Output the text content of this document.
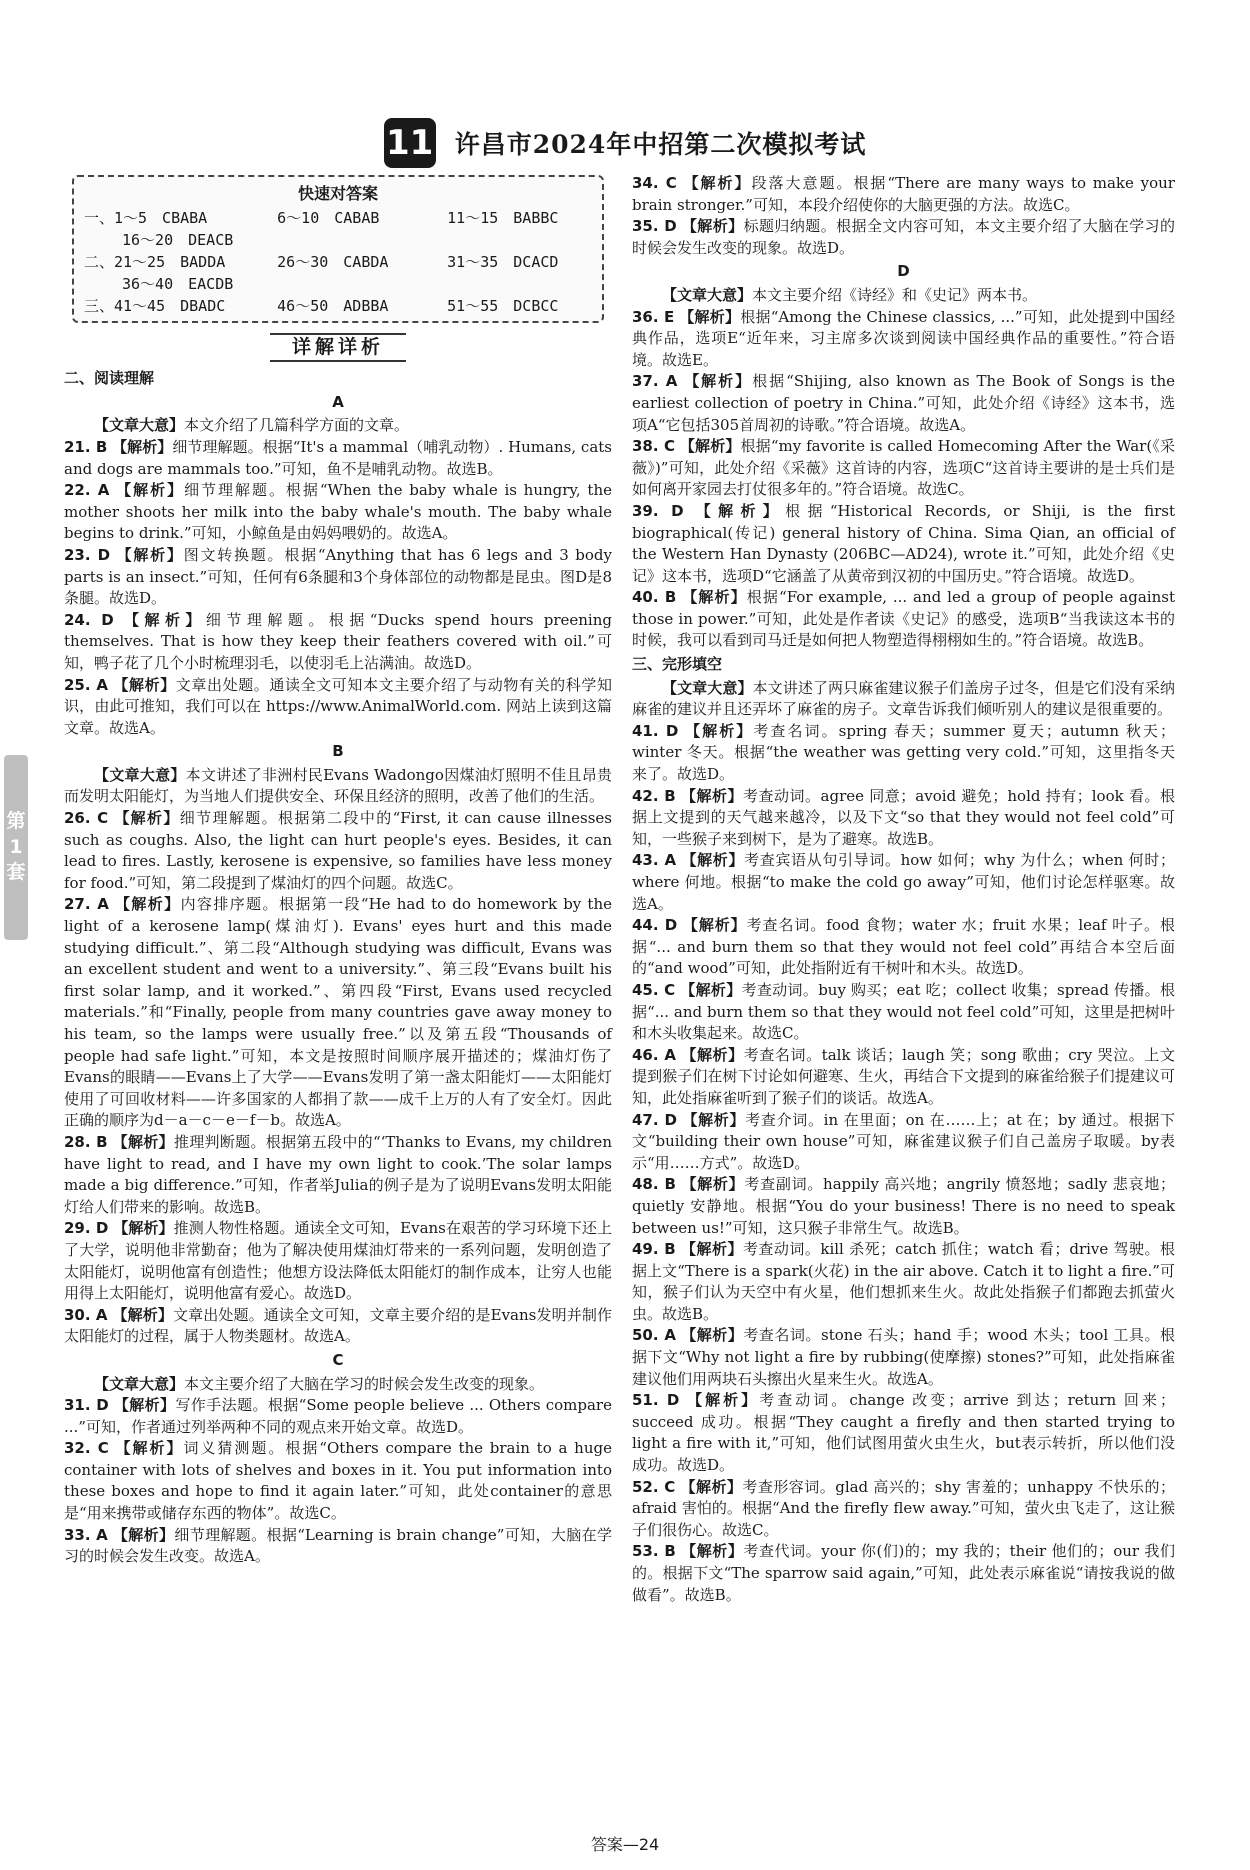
11 许昌市2024年中招第二次模拟考试
第
1
套
快速对答案
一、1～5　CBABA	6～10　CABAB	11～15　BABBC
16～20　DEACB
二、21～25　BADDA	26～30　CABDA	31～35　DCACD
36～40　EACDB
三、41～45　DBADC	46～50　ADBBA	51～55　DCBCC
详解详析
二、阅读理解
A

【文章大意】本文介绍了几篇科学方面的文章。

21. B 【解析】细节理解题。根据“It's a mammal（哺乳动物）. Humans, cats and dogs are mammals too.”可知，鱼不是哺乳动物。故选B。

22. A 【解析】细节理解题。根据“When the baby whale is hungry, the mother shoots her milk into the baby whale's mouth. The baby whale begins to drink.”可知，小鲸鱼是由妈妈喂奶的。故选A。

23. D 【解析】图文转换题。根据“Anything that has 6 legs and 3 body parts is an insect.”可知，任何有6条腿和3个身体部位的动物都是昆虫。图D是8条腿。故选D。

24. D 【解析】细节理解题。根据“Ducks spend hours preening themselves. That is how they keep their feathers covered with oil.”可知，鸭子花了几个小时梳理羽毛，以使羽毛上沾满油。故选D。

25. A 【解析】文章出处题。通读全文可知本文主要介绍了与动物有关的科学知识，由此可推知，我们可以在 https://www.AnimalWorld.com. 网站上读到这篇文章。故选A。

B

【文章大意】本文讲述了非洲村民Evans Wadongo因煤油灯照明不佳且昂贵而发明太阳能灯，为当地人们提供安全、环保且经济的照明，改善了他们的生活。

26. C 【解析】细节理解题。根据第二段中的“First, it can cause illnesses such as coughs. Also, the light can hurt people's eyes. Besides, it can lead to fires. Lastly, kerosene is expensive, so families have less money for food.”可知，第二段提到了煤油灯的四个问题。故选C。

27. A 【解析】内容排序题。根据第一段“He had to do homework by the light of a kerosene lamp(煤油灯). Evans' eyes hurt and this made studying difficult.”、第二段“Although studying was difficult, Evans was an excellent student and went to a university.”、第三段“Evans built his first solar lamp, and it worked.”、第四段“First, Evans used recycled materials.”和“Finally, people from many countries gave away money to his team, so the lamps were usually free.”以及第五段“Thousands of people had safe light.”可知，本文是按照时间顺序展开描述的；煤油灯伤了Evans的眼睛——Evans上了大学——Evans发明了第一盏太阳能灯——太阳能灯使用了可回收材料——许多国家的人都捐了款——成千上万的人有了安全灯。因此正确的顺序为d－a－c－e－f－b。故选A。

28. B 【解析】推理判断题。根据第五段中的“‘Thanks to Evans, my children have light to read, and I have my own light to cook.’The solar lamps made a big difference.”可知，作者举Julia的例子是为了说明Evans发明太阳能灯给人们带来的影响。故选B。

29. D 【解析】推测人物性格题。通读全文可知，Evans在艰苦的学习环境下还上了大学，说明他非常勤奋；他为了解决使用煤油灯带来的一系列问题，发明创造了太阳能灯，说明他富有创造性；他想方设法降低太阳能灯的制作成本，让穷人也能用得上太阳能灯，说明他富有爱心。故选D。

30. A 【解析】文章出处题。通读全文可知，文章主要介绍的是Evans发明并制作太阳能灯的过程，属于人物类题材。故选A。

C

【文章大意】本文主要介绍了大脑在学习的时候会发生改变的现象。

31. D 【解析】写作手法题。根据“Some people believe ... Others compare ...”可知，作者通过列举两种不同的观点来开始文章。故选D。

32. C 【解析】词义猜测题。根据“Others compare the brain to a huge container with lots of shelves and boxes in it. You put information into these boxes and hope to find it again later.”可知，此处container的意思是“用来携带或储存东西的物体”。故选C。

33. A 【解析】细节理解题。根据“Learning is brain change”可知，大脑在学习的时候会发生改变。故选A。

34. C 【解析】段落大意题。根据“There are many ways to make your brain stronger.”可知，本段介绍使你的大脑更强的方法。故选C。

35. D 【解析】标题归纳题。根据全文内容可知，本文主要介绍了大脑在学习的时候会发生改变的现象。故选D。

D

【文章大意】本文主要介绍《诗经》和《史记》两本书。

36. E 【解析】根据“Among the Chinese classics, ...”可知，此处提到中国经典作品，选项E“近年来，习主席多次谈到阅读中国经典作品的重要性。”符合语境。故选E。

37. A 【解析】根据“Shijing, also known as The Book of Songs is the earliest collection of poetry in China.”可知，此处介绍《诗经》这本书，选项A“它包括305首周初的诗歌。”符合语境。故选A。

38. C 【解析】根据“my favorite is called Homecoming After the War(《采薇》)”可知，此处介绍《采薇》这首诗的内容，选项C“这首诗主要讲的是士兵们是如何离开家园去打仗很多年的。”符合语境。故选C。

39. D 【解析】根据“Historical Records, or Shiji, is the first biographical(传记) general history of China. Sima Qian, an official of the Western Han Dynasty (206BC—AD24), wrote it.”可知，此处介绍《史记》这本书，选项D“它涵盖了从黄帝到汉初的中国历史。”符合语境。故选D。

40. B 【解析】根据“For example, ... and led a group of people against those in power.”可知，此处是作者读《史记》的感受，选项B“当我读这本书的时候，我可以看到司马迁是如何把人物塑造得栩栩如生的。”符合语境。故选B。

三、完形填空

【文章大意】本文讲述了两只麻雀建议猴子们盖房子过冬，但是它们没有采纳麻雀的建议并且还弄坏了麻雀的房子。文章告诉我们倾听别人的建议是很重要的。

41. D 【解析】考查名词。spring 春天；summer 夏天；autumn 秋天；winter 冬天。根据“the weather was getting very cold.”可知，这里指冬天来了。故选D。

42. B 【解析】考查动词。agree 同意；avoid 避免；hold 持有；look 看。根据上文提到的天气越来越冷，以及下文“so that they would not feel cold”可知，一些猴子来到树下，是为了避寒。故选B。

43. A 【解析】考查宾语从句引导词。how 如何；why 为什么；when 何时；where 何地。根据“to make the cold go away”可知，他们讨论怎样驱寒。故选A。

44. D 【解析】考查名词。food 食物；water 水；fruit 水果；leaf 叶子。根据“... and burn them so that they would not feel cold”再结合本空后面的“and wood”可知，此处指附近有干树叶和木头。故选D。

45. C 【解析】考查动词。buy 购买；eat 吃；collect 收集；spread 传播。根据“... and burn them so that they would not feel cold”可知，这里是把树叶和木头收集起来。故选C。

46. A 【解析】考查名词。talk 谈话；laugh 笑；song 歌曲；cry 哭泣。上文提到猴子们在树下讨论如何避寒、生火，再结合下文提到的麻雀给猴子们提建议可知，此处指麻雀听到了猴子们的谈话。故选A。

47. D 【解析】考查介词。in 在里面；on 在……上；at 在；by 通过。根据下文“building their own house”可知，麻雀建议猴子们自己盖房子取暖。by表示“用……方式”。故选D。

48. B 【解析】考查副词。happily 高兴地；angrily 愤怒地；sadly 悲哀地；quietly 安静地。根据“You do your business! There is no need to speak between us!”可知，这只猴子非常生气。故选B。

49. B 【解析】考查动词。kill 杀死；catch 抓住；watch 看；drive 驾驶。根据上文“There is a spark(火花) in the air above. Catch it to light a fire.”可知，猴子们认为天空中有火星，他们想抓来生火。故此处指猴子们都跑去抓萤火虫。故选B。

50. A 【解析】考查名词。stone 石头；hand 手；wood 木头；tool 工具。根据下文“Why not light a fire by rubbing(使摩擦) stones?”可知，此处指麻雀建议他们用两块石头擦出火星来生火。故选A。

51. D 【解析】考查动词。change 改变；arrive 到达；return 回来；succeed 成功。根据“They caught a firefly and then started trying to light a fire with it,”可知，他们试图用萤火虫生火，but表示转折，所以他们没成功。故选D。

52. C 【解析】考查形容词。glad 高兴的；shy 害羞的；unhappy 不快乐的；afraid 害怕的。根据“And the firefly flew away.”可知，萤火虫飞走了，这让猴子们很伤心。故选C。

53. B 【解析】考查代词。your 你(们)的；my 我的；their 他们的；our 我们的。根据下文“The sparrow said again,”可知，此处表示麻雀说“请按我说的做做看”。故选B。

答案—24
